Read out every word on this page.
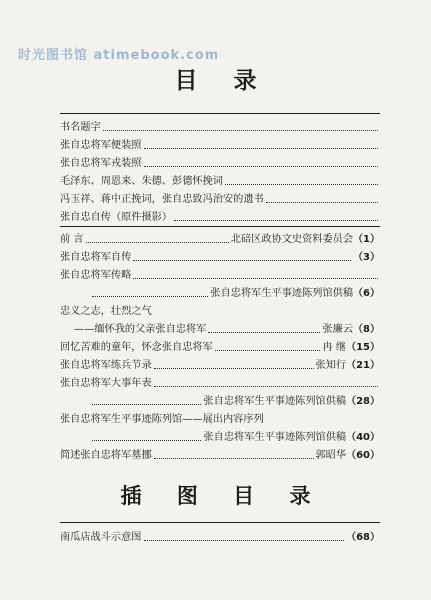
时光图书馆 atimebook.com
目 录
书名题字
张自忠将军便装照
张自忠将军戎装照
毛泽东、周恩来、朱德、彭德怀挽词
冯玉祥、蒋中正挽词，张自忠致冯治安的遗书
张自忠自传（原件摄影）
前 言	北碚区政协文史资料委员会 （1）
张自忠将军自传	（3）
张自忠将军传略
张自忠将军生平事迹陈列馆供稿 （6）
忠义之志，壮烈之气
——缅怀我的父亲张自忠将军	张廉云 （8）
回忆苦难的童年，怀念张自忠将军	冉 继 （15）
张自忠将军练兵节录	张知行 （21）
张自忠将军大事年表
张自忠将军生平事迹陈列馆供稿 （28）
张自忠将军生平事迹陈列馆——展出内容序列
张自忠将军生平事迹陈列馆供稿 （40）
简述张自忠将军墓挪	郭昭华 （60）
插 图 目 录
南瓜店战斗示意图	（68）
